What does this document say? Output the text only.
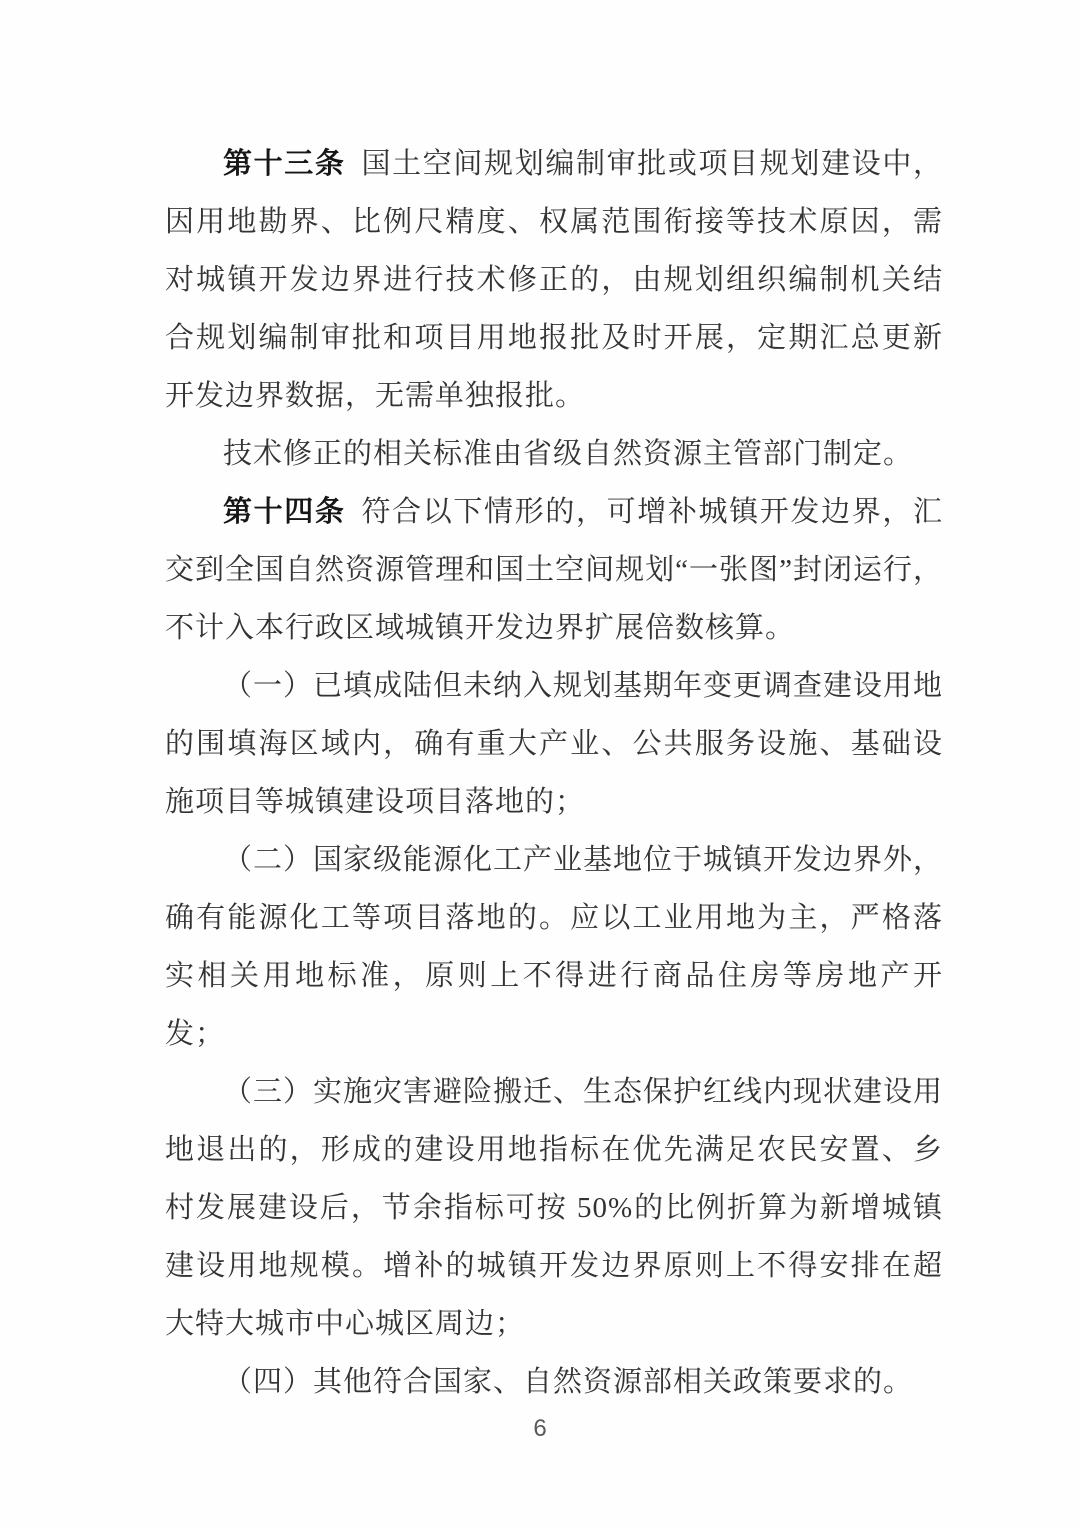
第十三条 国土空间规划编制审批或项目规划建设中，因用地勘界、比例尺精度、权属范围衔接等技术原因，需对城镇开发边界进行技术修正的，由规划组织编制机关结合规划编制审批和项目用地报批及时开展，定期汇总更新开发边界数据，无需单独报批。

技术修正的相关标准由省级自然资源主管部门制定。

第十四条 符合以下情形的，可增补城镇开发边界，汇交到全国自然资源管理和国土空间规划“一张图”封闭运行，不计入本行政区域城镇开发边界扩展倍数核算。

（一）已填成陆但未纳入规划基期年变更调查建设用地的围填海区域内，确有重大产业、公共服务设施、基础设施项目等城镇建设项目落地的；

（二）国家级能源化工产业基地位于城镇开发边界外，确有能源化工等项目落地的。应以工业用地为主，严格落实相关用地标准，原则上不得进行商品住房等房地产开发；

（三）实施灾害避险搬迁、生态保护红线内现状建设用地退出的，形成的建设用地指标在优先满足农民安置、乡村发展建设后，节余指标可按 50%的比例折算为新增城镇建设用地规模。增补的城镇开发边界原则上不得安排在超大特大城市中心城区周边；

（四）其他符合国家、自然资源部相关政策要求的。

6
